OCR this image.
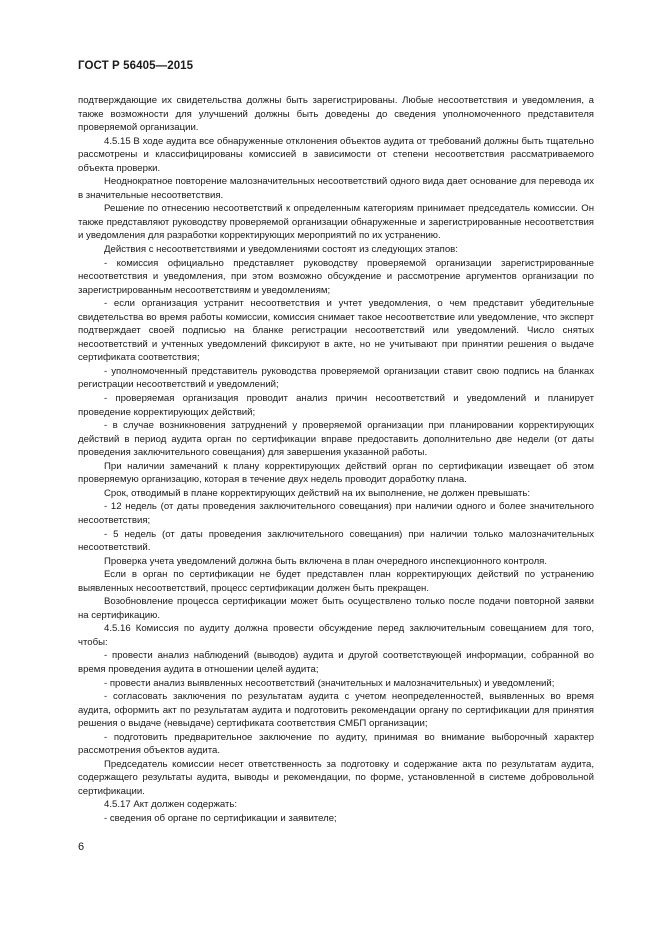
ГОСТ Р 56405—2015

подтверждающие их свидетельства должны быть зарегистрированы. Любые несоответствия и уведомления, а также возможности для улучшений должны быть доведены до сведения уполномоченного представителя проверяемой организации.

4.5.15 В ходе аудита все обнаруженные отклонения объектов аудита от требований должны быть тщательно рассмотрены и классифицированы комиссией в зависимости от степени несоответствия рассматриваемого объекта проверки.

Неоднократное повторение малозначительных несоответствий одного вида дает основание для перевода их в значительные несоответствия.

Решение по отнесению несоответствий к определенным категориям принимает председатель комиссии. Он также представляют руководству проверяемой организации обнаруженные и зарегистрированные несоответствия и уведомления для разработки корректирующих мероприятий по их устранению.

Действия с несоответствиями и уведомлениями состоят из следующих этапов:

- комиссия официально представляет руководству проверяемой организации зарегистрированные несоответствия и уведомления, при этом возможно обсуждение и рассмотрение аргументов организации по зарегистрированным несоответствиям и уведомлениям;

- если организация устранит несоответствия и учтет уведомления, о чем представит убедительные свидетельства во время работы комиссии, комиссия снимает такое несоответствие или уведомление, что эксперт подтверждает своей подписью на бланке регистрации несоответствий или уведомлений. Число снятых несоответствий и учтенных уведомлений фиксируют в акте, но не учитывают при принятии решения о выдаче сертификата соответствия;

- уполномоченный представитель руководства проверяемой организации ставит свою подпись на бланках регистрации несоответствий и уведомлений;

- проверяемая организация проводит анализ причин несоответствий и уведомлений и планирует проведение корректирующих действий;

- в случае возникновения затруднений у проверяемой организации при планировании корректирующих действий в период аудита орган по сертификации вправе предоставить дополнительно две недели (от даты проведения заключительного совещания) для завершения указанной работы.

При наличии замечаний к плану корректирующих действий орган по сертификации извещает об этом проверяемую организацию, которая в течение двух недель проводит доработку плана.

Срок, отводимый в плане корректирующих действий на их выполнение, не должен превышать:

- 12 недель (от даты проведения заключительного совещания) при наличии одного и более значительного несоответствия;

- 5 недель (от даты проведения заключительного совещания) при наличии только малозначительных несоответствий.

Проверка учета уведомлений должна быть включена в план очередного инспекционного контроля.

Если в орган по сертификации не будет представлен план корректирующих действий по устранению выявленных несоответствий, процесс сертификации должен быть прекращен.

Возобновление процесса сертификации может быть осуществлено только после подачи повторной заявки на сертификацию.

4.5.16 Комиссия по аудиту должна провести обсуждение перед заключительным совещанием для того, чтобы:

- провести анализ наблюдений (выводов) аудита и другой соответствующей информации, собранной во время проведения аудита в отношении целей аудита;

- провести анализ выявленных несоответствий (значительных и малозначительных) и уведомлений;

- согласовать заключения по результатам аудита с учетом неопределенностей, выявленных во время аудита, оформить акт по результатам аудита и подготовить рекомендации органу по сертификации для принятия решения о выдаче (невыдаче) сертификата соответствия СМБП организации;

- подготовить предварительное заключение по аудиту, принимая во внимание выборочный характер рассмотрения объектов аудита.

Председатель комиссии несет ответственность за подготовку и содержание акта по результатам аудита, содержащего результаты аудита, выводы и рекомендации, по форме, установленной в системе добровольной сертификации.

4.5.17 Акт должен содержать:

- сведения об органе по сертификации и заявителе;

6
